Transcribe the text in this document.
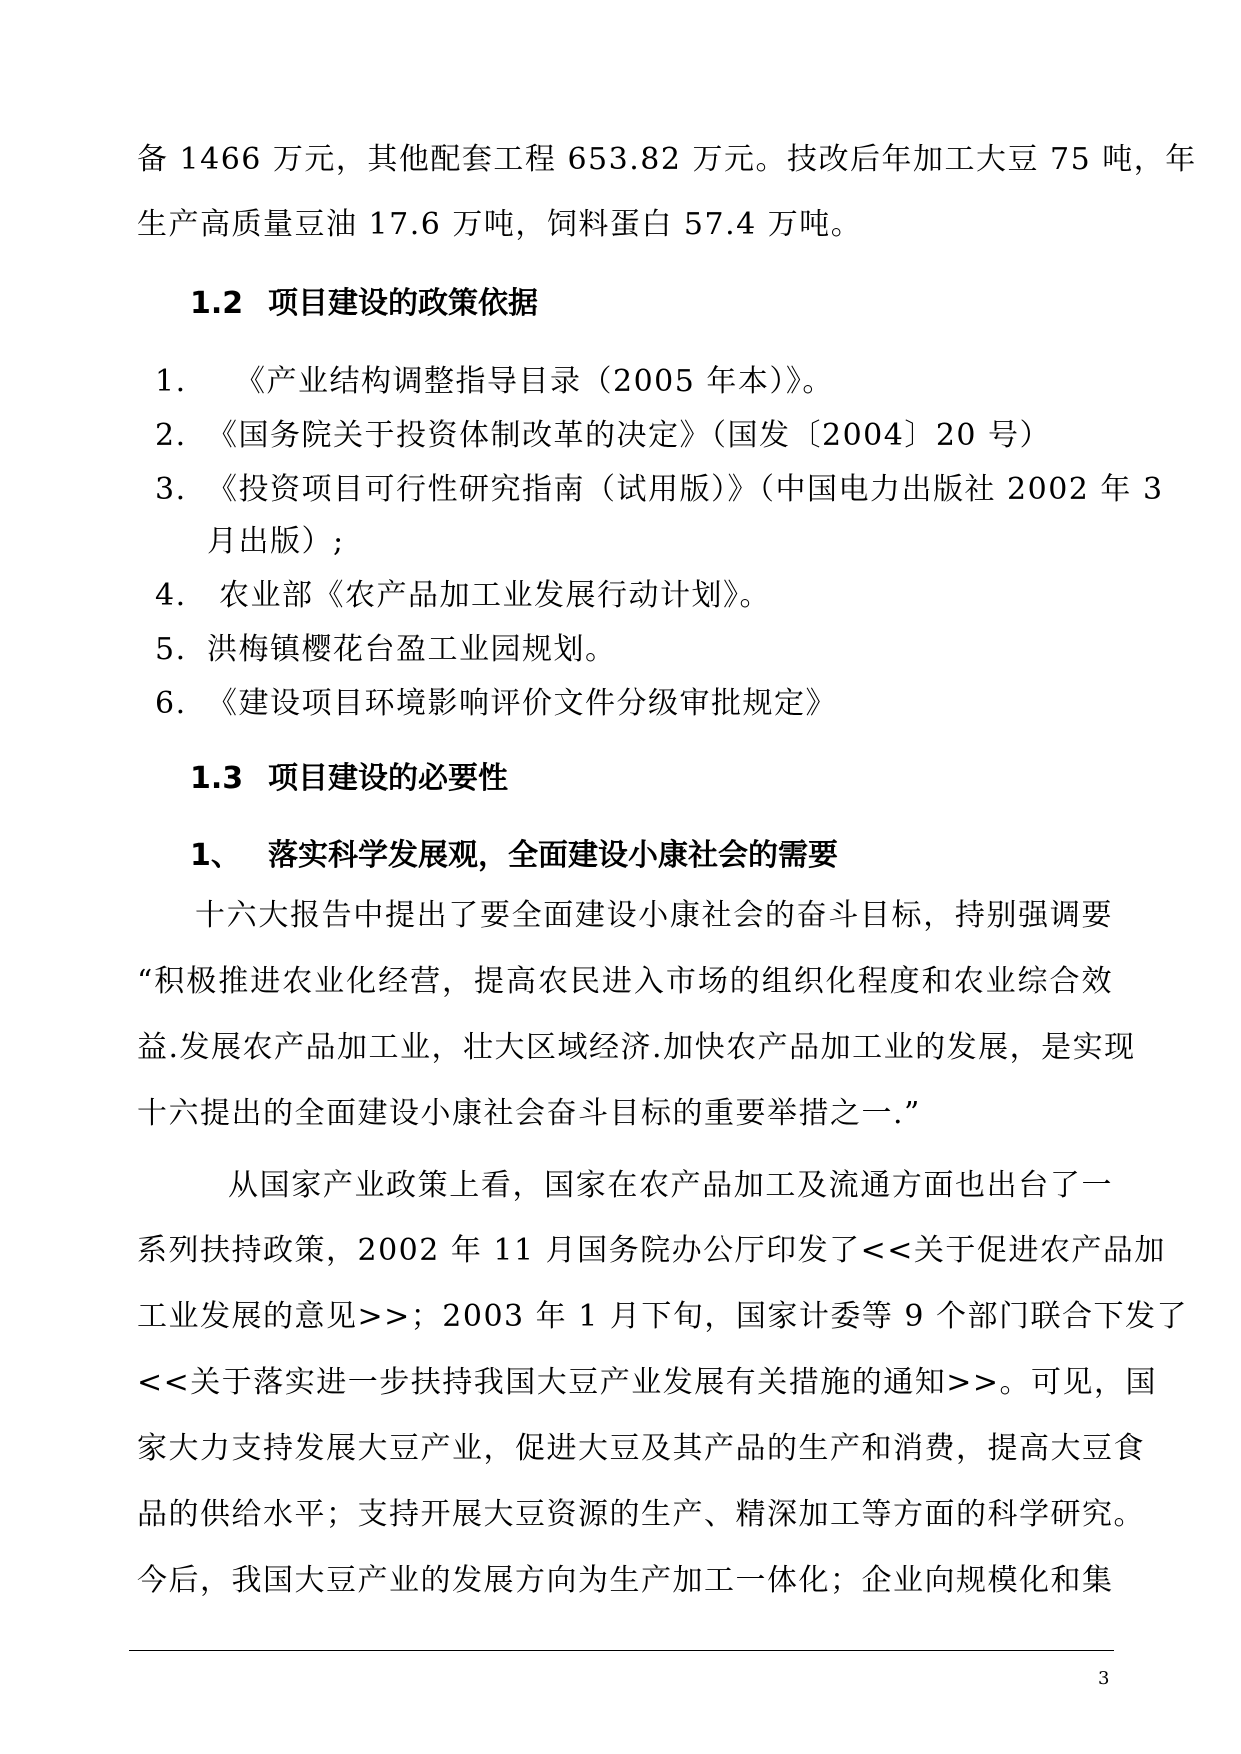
备 1466 万元，其他配套工程 653.82 万元。技改后年加工大豆 75 吨，年
生产高质量豆油 17.6 万吨，饲料蛋白 57.4 万吨。
1.2 项目建设的政策依据
1. 《产业结构调整指导目录（2005 年本）》。
2. 《国务院关于投资体制改革的决定》（国发〔2004〕20 号）
3. 《投资项目可行性研究指南（试用版）》（中国电力出版社 2002 年 3
月出版）;
4. 农业部《农产品加工业发展行动计划》。
5. 洪梅镇樱花台盈工业园规划。
6. 《建设项目环境影响评价文件分级审批规定》
1.3 项目建设的必要性
1、 落实科学发展观，全面建设小康社会的需要
十六大报告中提出了要全面建设小康社会的奋斗目标，持别强调要
“积极推进农业化经营，提高农民进入市场的组织化程度和农业综合效
益.发展农产品加工业，壮大区域经济.加快农产品加工业的发展，是实现
十六提出的全面建设小康社会奋斗目标的重要举措之一.”
从国家产业政策上看，国家在农产品加工及流通方面也出台了一
系列扶持政策，2002 年 11 月国务院办公厅印发了<<关于促进农产品加
工业发展的意见>>；2003 年 1 月下旬，国家计委等 9 个部门联合下发了
<<关于落实进一步扶持我国大豆产业发展有关措施的通知>>。可见，国
家大力支持发展大豆产业，促进大豆及其产品的生产和消费，提高大豆食
品的供给水平；支持开展大豆资源的生产、精深加工等方面的科学研究。
今后，我国大豆产业的发展方向为生产加工一体化；企业向规模化和集
3
